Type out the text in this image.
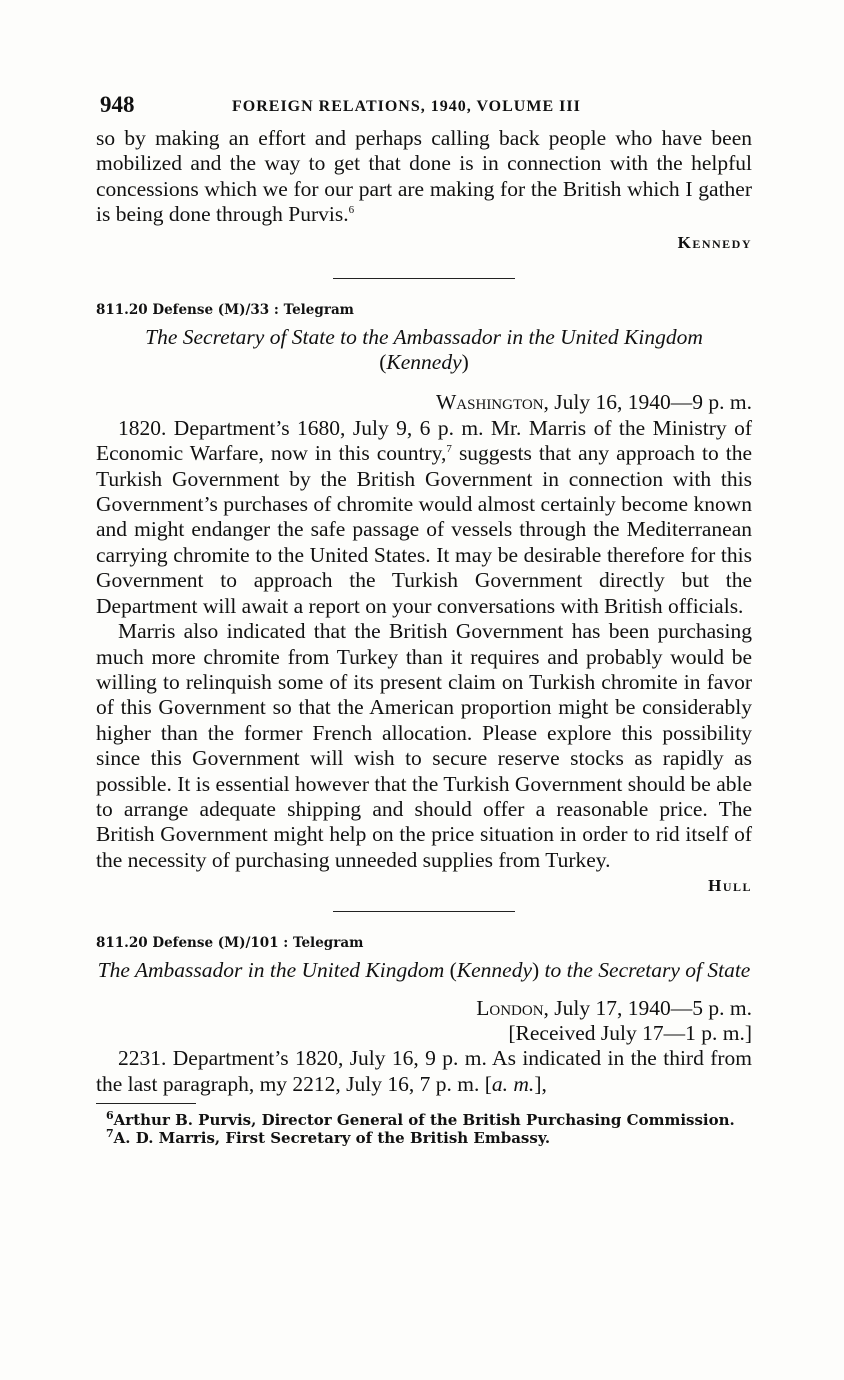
948	FOREIGN RELATIONS, 1940, VOLUME III

so by making an effort and perhaps calling back people who have been mobilized and the way to get that done is in connection with the helpful concessions which we for our part are making for the British which I gather is being done through Purvis.$^6$

Kennedy

811.20 Defense (M)/33 : Telegram

The Secretary of State to the Ambassador in the United Kingdom
(Kennedy)

Washington, July 16, 1940—9 p. m.

1820. Department’s 1680, July 9, 6 p. m. Mr. Marris of the Ministry of Economic Warfare, now in this country,$^7$ suggests that any approach to the Turkish Government by the British Government in connection with this Government’s purchases of chromite would almost certainly become known and might endanger the safe passage of vessels through the Mediterranean carrying chromite to the United States. It may be desirable therefore for this Government to approach the Turkish Government directly but the Department will await a report on your conversations with British officials.

Marris also indicated that the British Government has been purchasing much more chromite from Turkey than it requires and probably would be willing to relinquish some of its present claim on Turkish chromite in favor of this Government so that the American proportion might be considerably higher than the former French allocation. Please explore this possibility since this Government will wish to secure reserve stocks as rapidly as possible. It is essential however that the Turkish Government should be able to arrange adequate shipping and should offer a reasonable price. The British Government might help on the price situation in order to rid itself of the necessity of purchasing unneeded supplies from Turkey.

Hull

811.20 Defense (M)/101 : Telegram

The Ambassador in the United Kingdom (Kennedy) to the Secretary of State

London, July 17, 1940—5 p. m.

[Received July 17—1 p. m.]

2231. Department’s 1820, July 16, 9 p. m. As indicated in the third from the last paragraph, my 2212, July 16, 7 p. m. [a. m.],

$^6$Arthur B. Purvis, Director General of the British Purchasing Commission.

$^7$A. D. Marris, First Secretary of the British Embassy.
